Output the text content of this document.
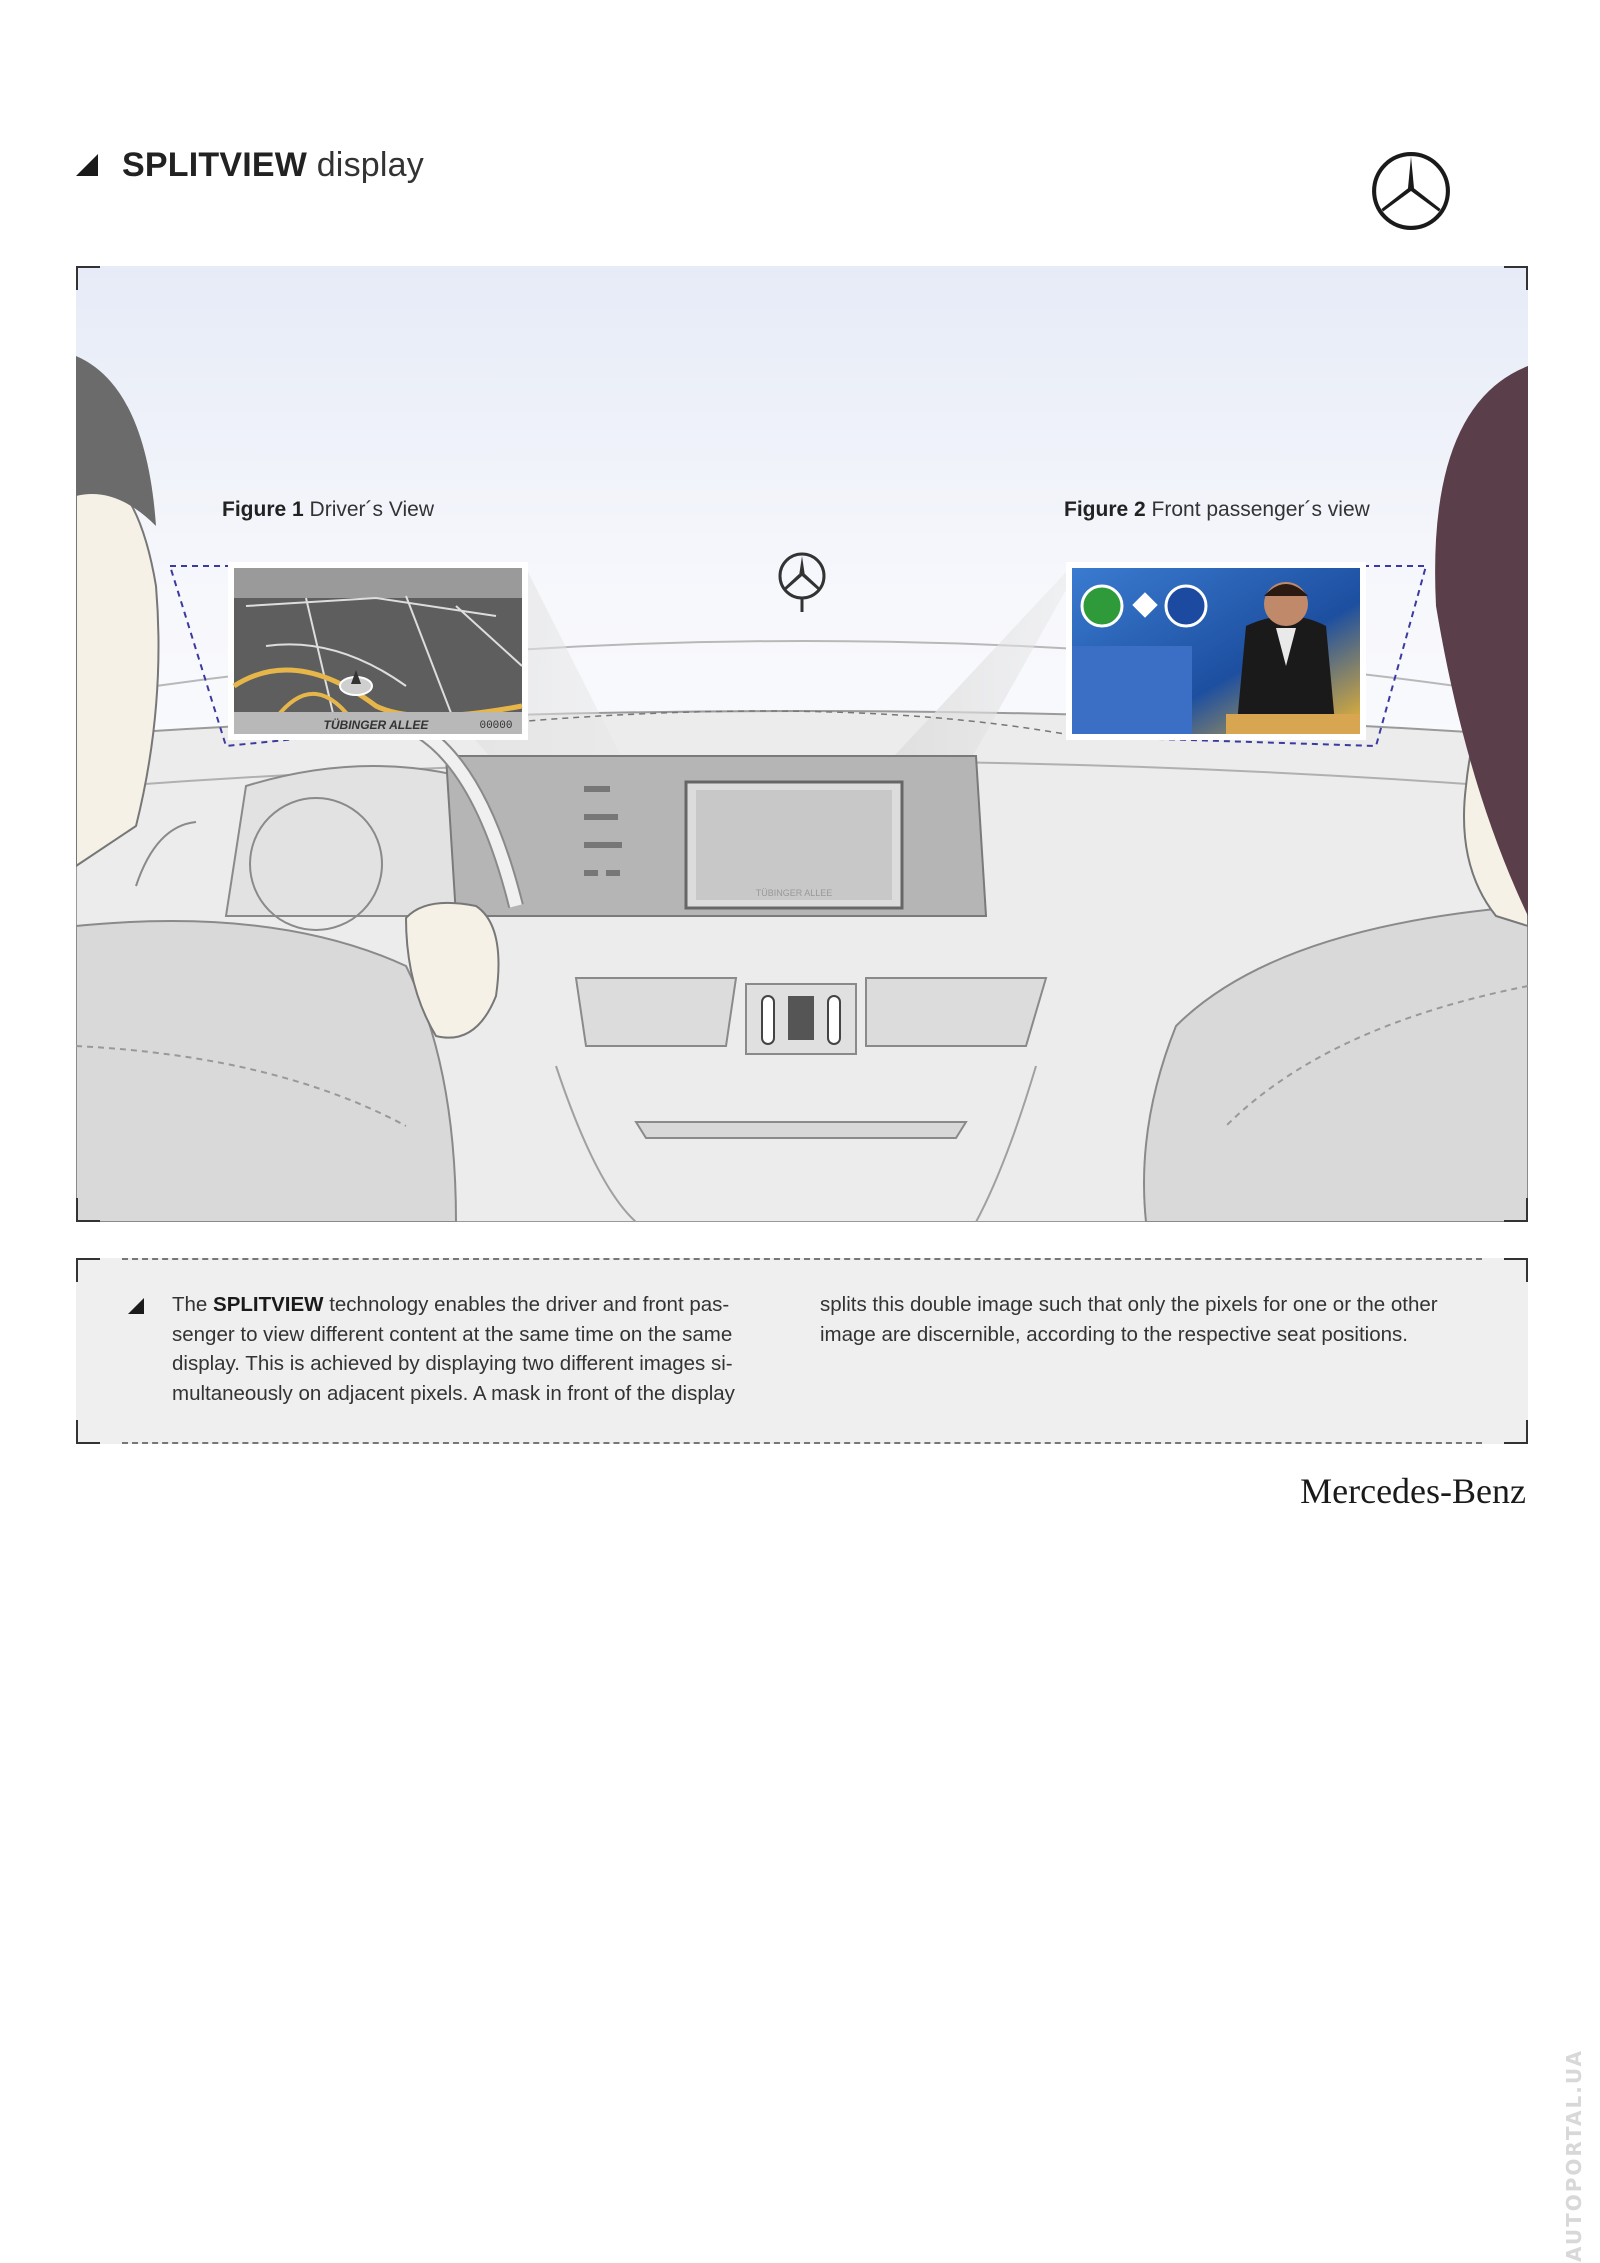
SPLITVIEW display
TÜBINGER ALLEE
TÜBINGER ALLEE	00000
Figure 1 Driver´s View	Figure 2 Front passenger´s view
The SPLITVIEW technology enables the driver and front passenger to view different content at the same time on the same display. This is achieved by displaying two different images simultaneously on adjacent pixels. A mask in front of the display
splits this double image such that only the pixels for one or the other image are discernible, according to the respective seat positions.
Mercedes-Benz
AUTOPORTAL.UA
